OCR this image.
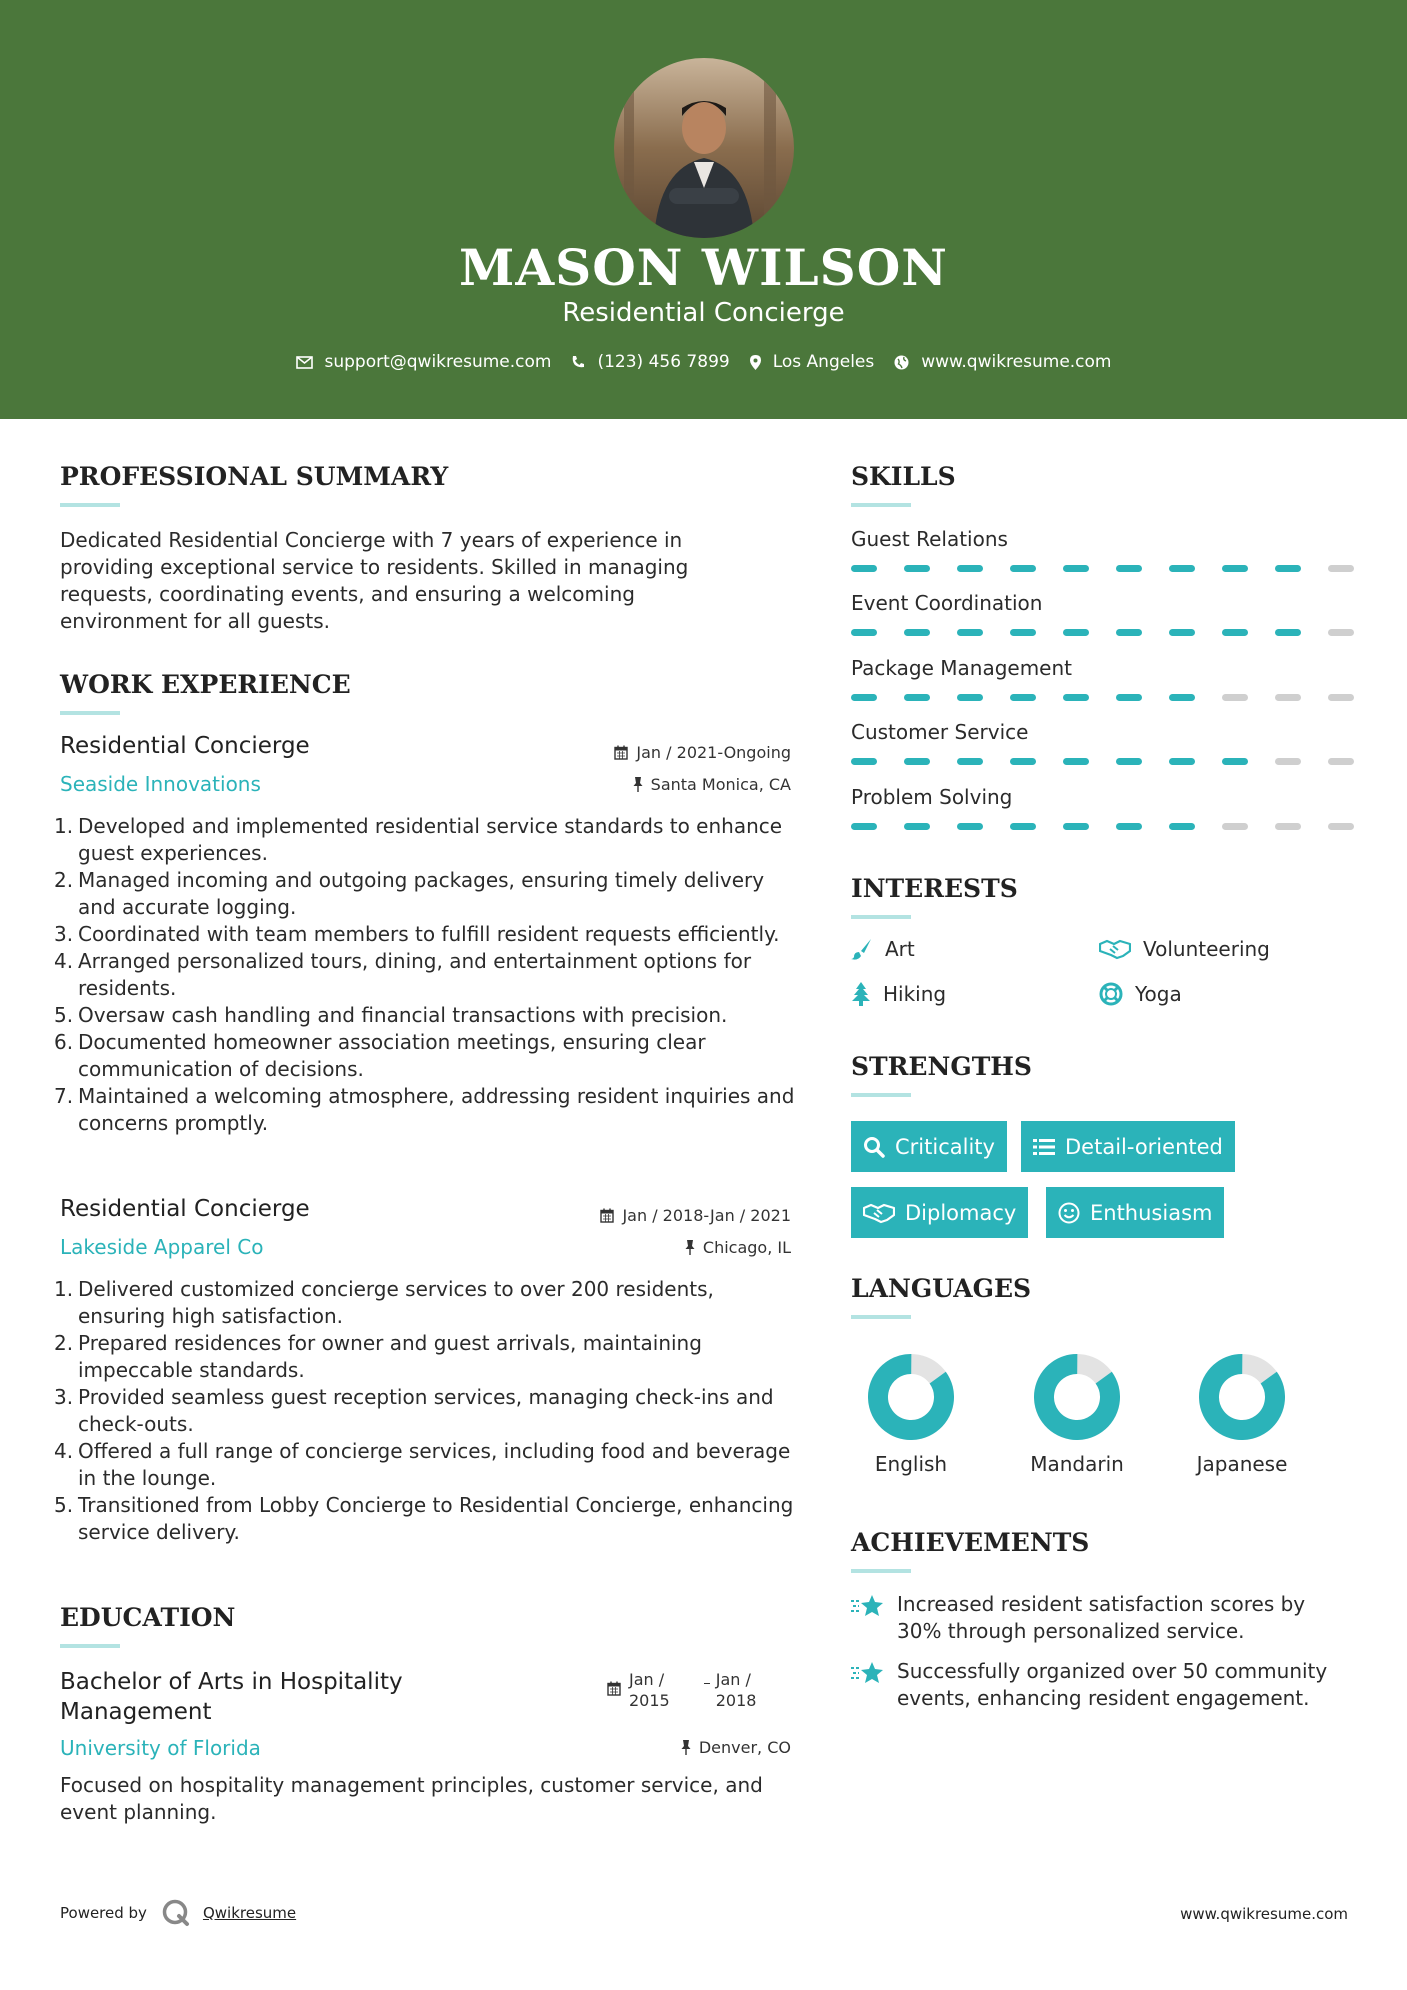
MASON WILSON
Residential Concierge
support@qwikresume.com	(123) 456 7899	Los Angeles	www.qwikresume.com
PROFESSIONAL SUMMARY
Dedicated Residential Concierge with 7 years of experience in providing exceptional service to residents. Skilled in managing requests, coordinating events, and ensuring a welcoming environment for all guests.
WORK EXPERIENCE
Residential Concierge
Seaside Innovations
Jan / 2021-Ongoing
Santa Monica, CA
Developed and implemented residential service standards to enhance guest experiences.
Managed incoming and outgoing packages, ensuring timely delivery and accurate logging.
Coordinated with team members to fulfill resident requests efficiently.
Arranged personalized tours, dining, and entertainment options for residents.
Oversaw cash handling and financial transactions with precision.
Documented homeowner association meetings, ensuring clear communication of decisions.
Maintained a welcoming atmosphere, addressing resident inquiries and concerns promptly.
Residential Concierge
Lakeside Apparel Co
Jan / 2018-Jan / 2021
Chicago, IL
Delivered customized concierge services to over 200 residents, ensuring high satisfaction.
Prepared residences for owner and guest arrivals, maintaining impeccable standards.
Provided seamless guest reception services, managing check-ins and check-outs.
Offered a full range of concierge services, including food and beverage in the lounge.
Transitioned from Lobby Concierge to Residential Concierge, enhancing service delivery.
EDUCATION
Bachelor of Arts in Hospitality
Management
Jan /
2015
Jan /
2018
University of Florida	Denver, CO
Focused on hospitality management principles, customer service, and event planning.
SKILLS
Guest Relations
Event Coordination
Package Management
Customer Service
Problem Solving
INTERESTS
Art	Volunteering
Hiking	Yoga
STRENGTHS
Criticality	Detail-oriented
Diplomacy	Enthusiasm
LANGUAGES
English	Mandarin	Japanese
ACHIEVEMENTS
Increased resident satisfaction scores by 30% through personalized service.
Successfully organized over 50 community events, enhancing resident engagement.
Powered by	Qwikresume	www.qwikresume.com
